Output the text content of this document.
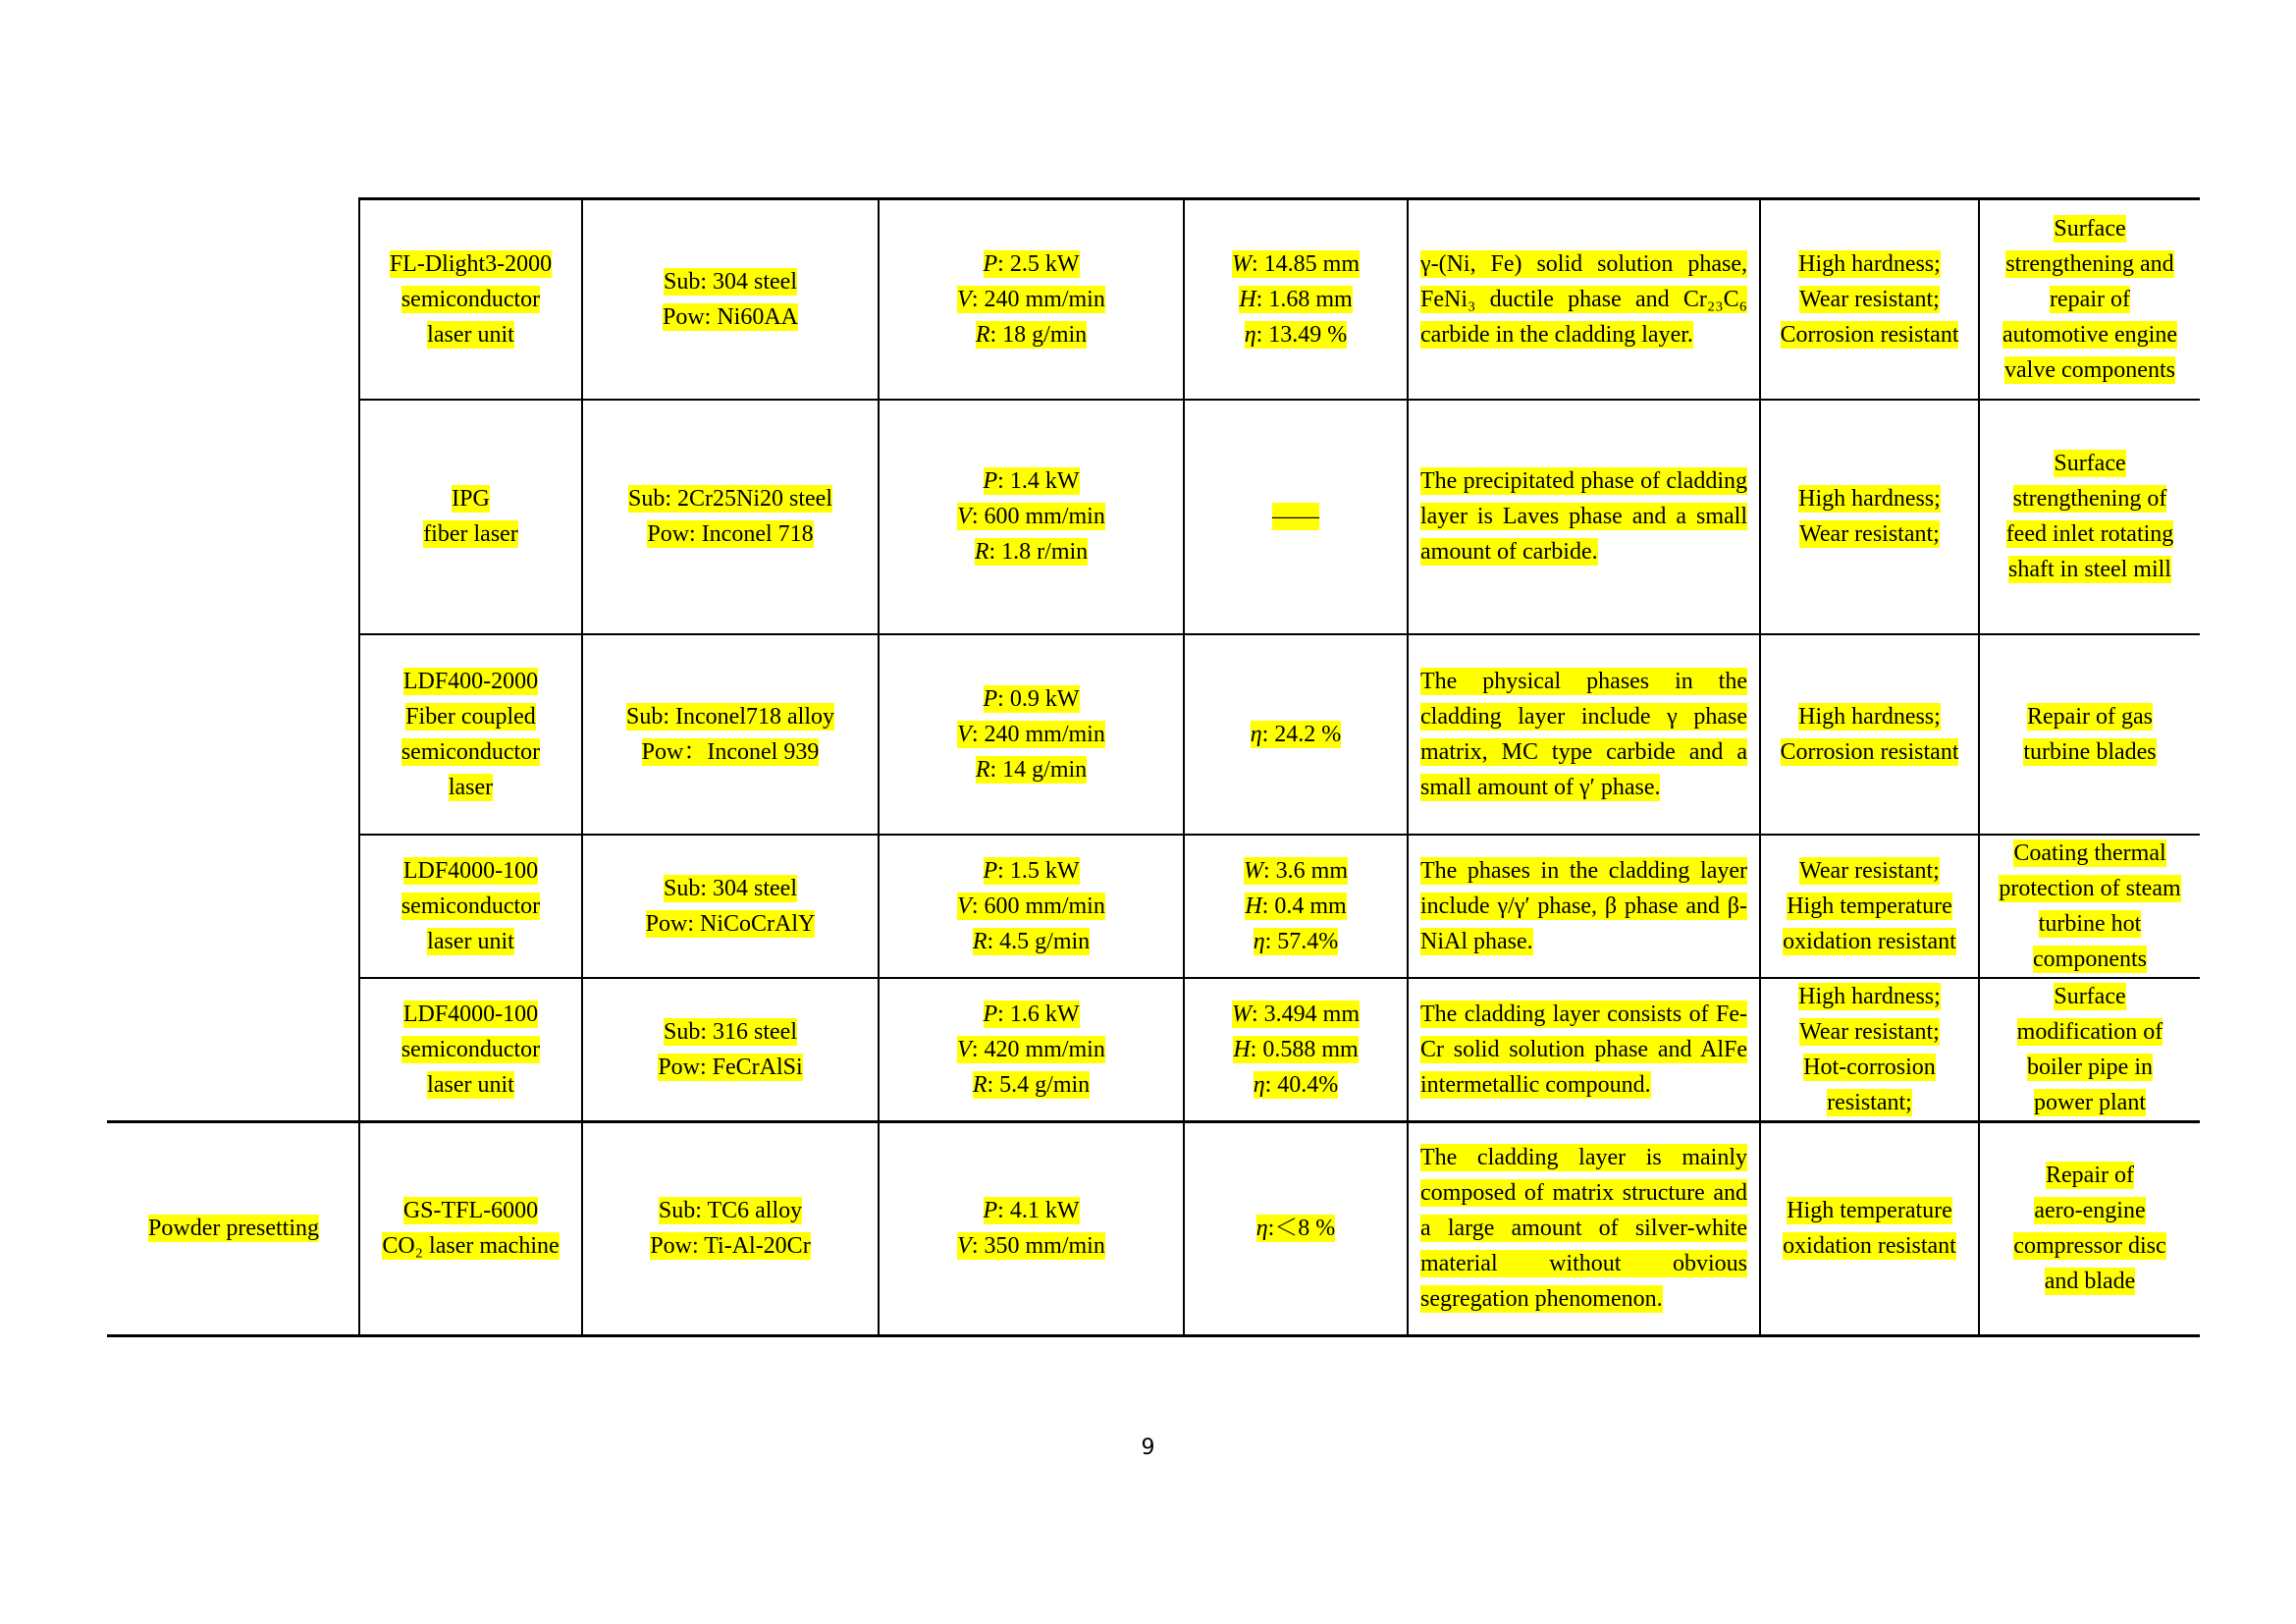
	FL-Dlight3-2000
semiconductor
laser unit	Sub: 304 steel
Pow: Ni60AA	P: 2.5 kW
V: 240 mm/min
R: 18 g/min	W: 14.85 mm
H: 1.68 mm
η: 13.49 %	γ-(Ni, Fe) solid solution phase, FeNi₃ ductile phase and Cr₂₃C₆ carbide in the cladding layer.	High hardness;
Wear resistant;
Corrosion resistant	Surface
strengthening and
repair of
automotive engine
valve components
	IPG
fiber laser	Sub: 2Cr25Ni20 steel
Pow: Inconel 718	P: 1.4 kW
V: 600 mm/min
R: 1.8 r/min	——	The precipitated phase of cladding layer is Laves phase and a small amount of carbide.	High hardness;
Wear resistant;	Surface
strengthening of
feed inlet rotating
shaft in steel mill
	LDF400-2000
Fiber coupled
semiconductor
laser	Sub: Inconel718 alloy
Pow：Inconel 939	P: 0.9 kW
V: 240 mm/min
R: 14 g/min	η: 24.2 %	The physical phases in the cladding layer include γ phase matrix, MC type carbide and a small amount of γ′ phase.	High hardness;
Corrosion resistant	Repair of gas
turbine blades
	LDF4000-100
semiconductor
laser unit	Sub: 304 steel
Pow: NiCoCrAlY	P: 1.5 kW
V: 600 mm/min
R: 4.5 g/min	W: 3.6 mm
H: 0.4 mm
η: 57.4%	The phases in the cladding layer include γ/γ′ phase, β phase and β-NiAl phase.	Wear resistant;
High temperature
oxidation resistant	Coating thermal
protection of steam
turbine hot
components
	LDF4000-100
semiconductor
laser unit	Sub: 316 steel
Pow: FeCrAlSi	P: 1.6 kW
V: 420 mm/min
R: 5.4 g/min	W: 3.494 mm
H: 0.588 mm
η: 40.4%	The cladding layer consists of Fe-Cr solid solution phase and AlFe intermetallic compound.	High hardness;
Wear resistant;
Hot-corrosion
resistant;	Surface
modification of
boiler pipe in
power plant
Powder presetting	GS-TFL-6000
CO₂ laser machine	Sub: TC6 alloy
Pow: Ti-Al-20Cr	P: 4.1 kW
V: 350 mm/min	η:＜8 %	The cladding layer is mainly composed of matrix structure and a large amount of silver-white material without obvious segregation phenomenon.	High temperature
oxidation resistant	Repair of
aero-engine
compressor disc
and blade
9
